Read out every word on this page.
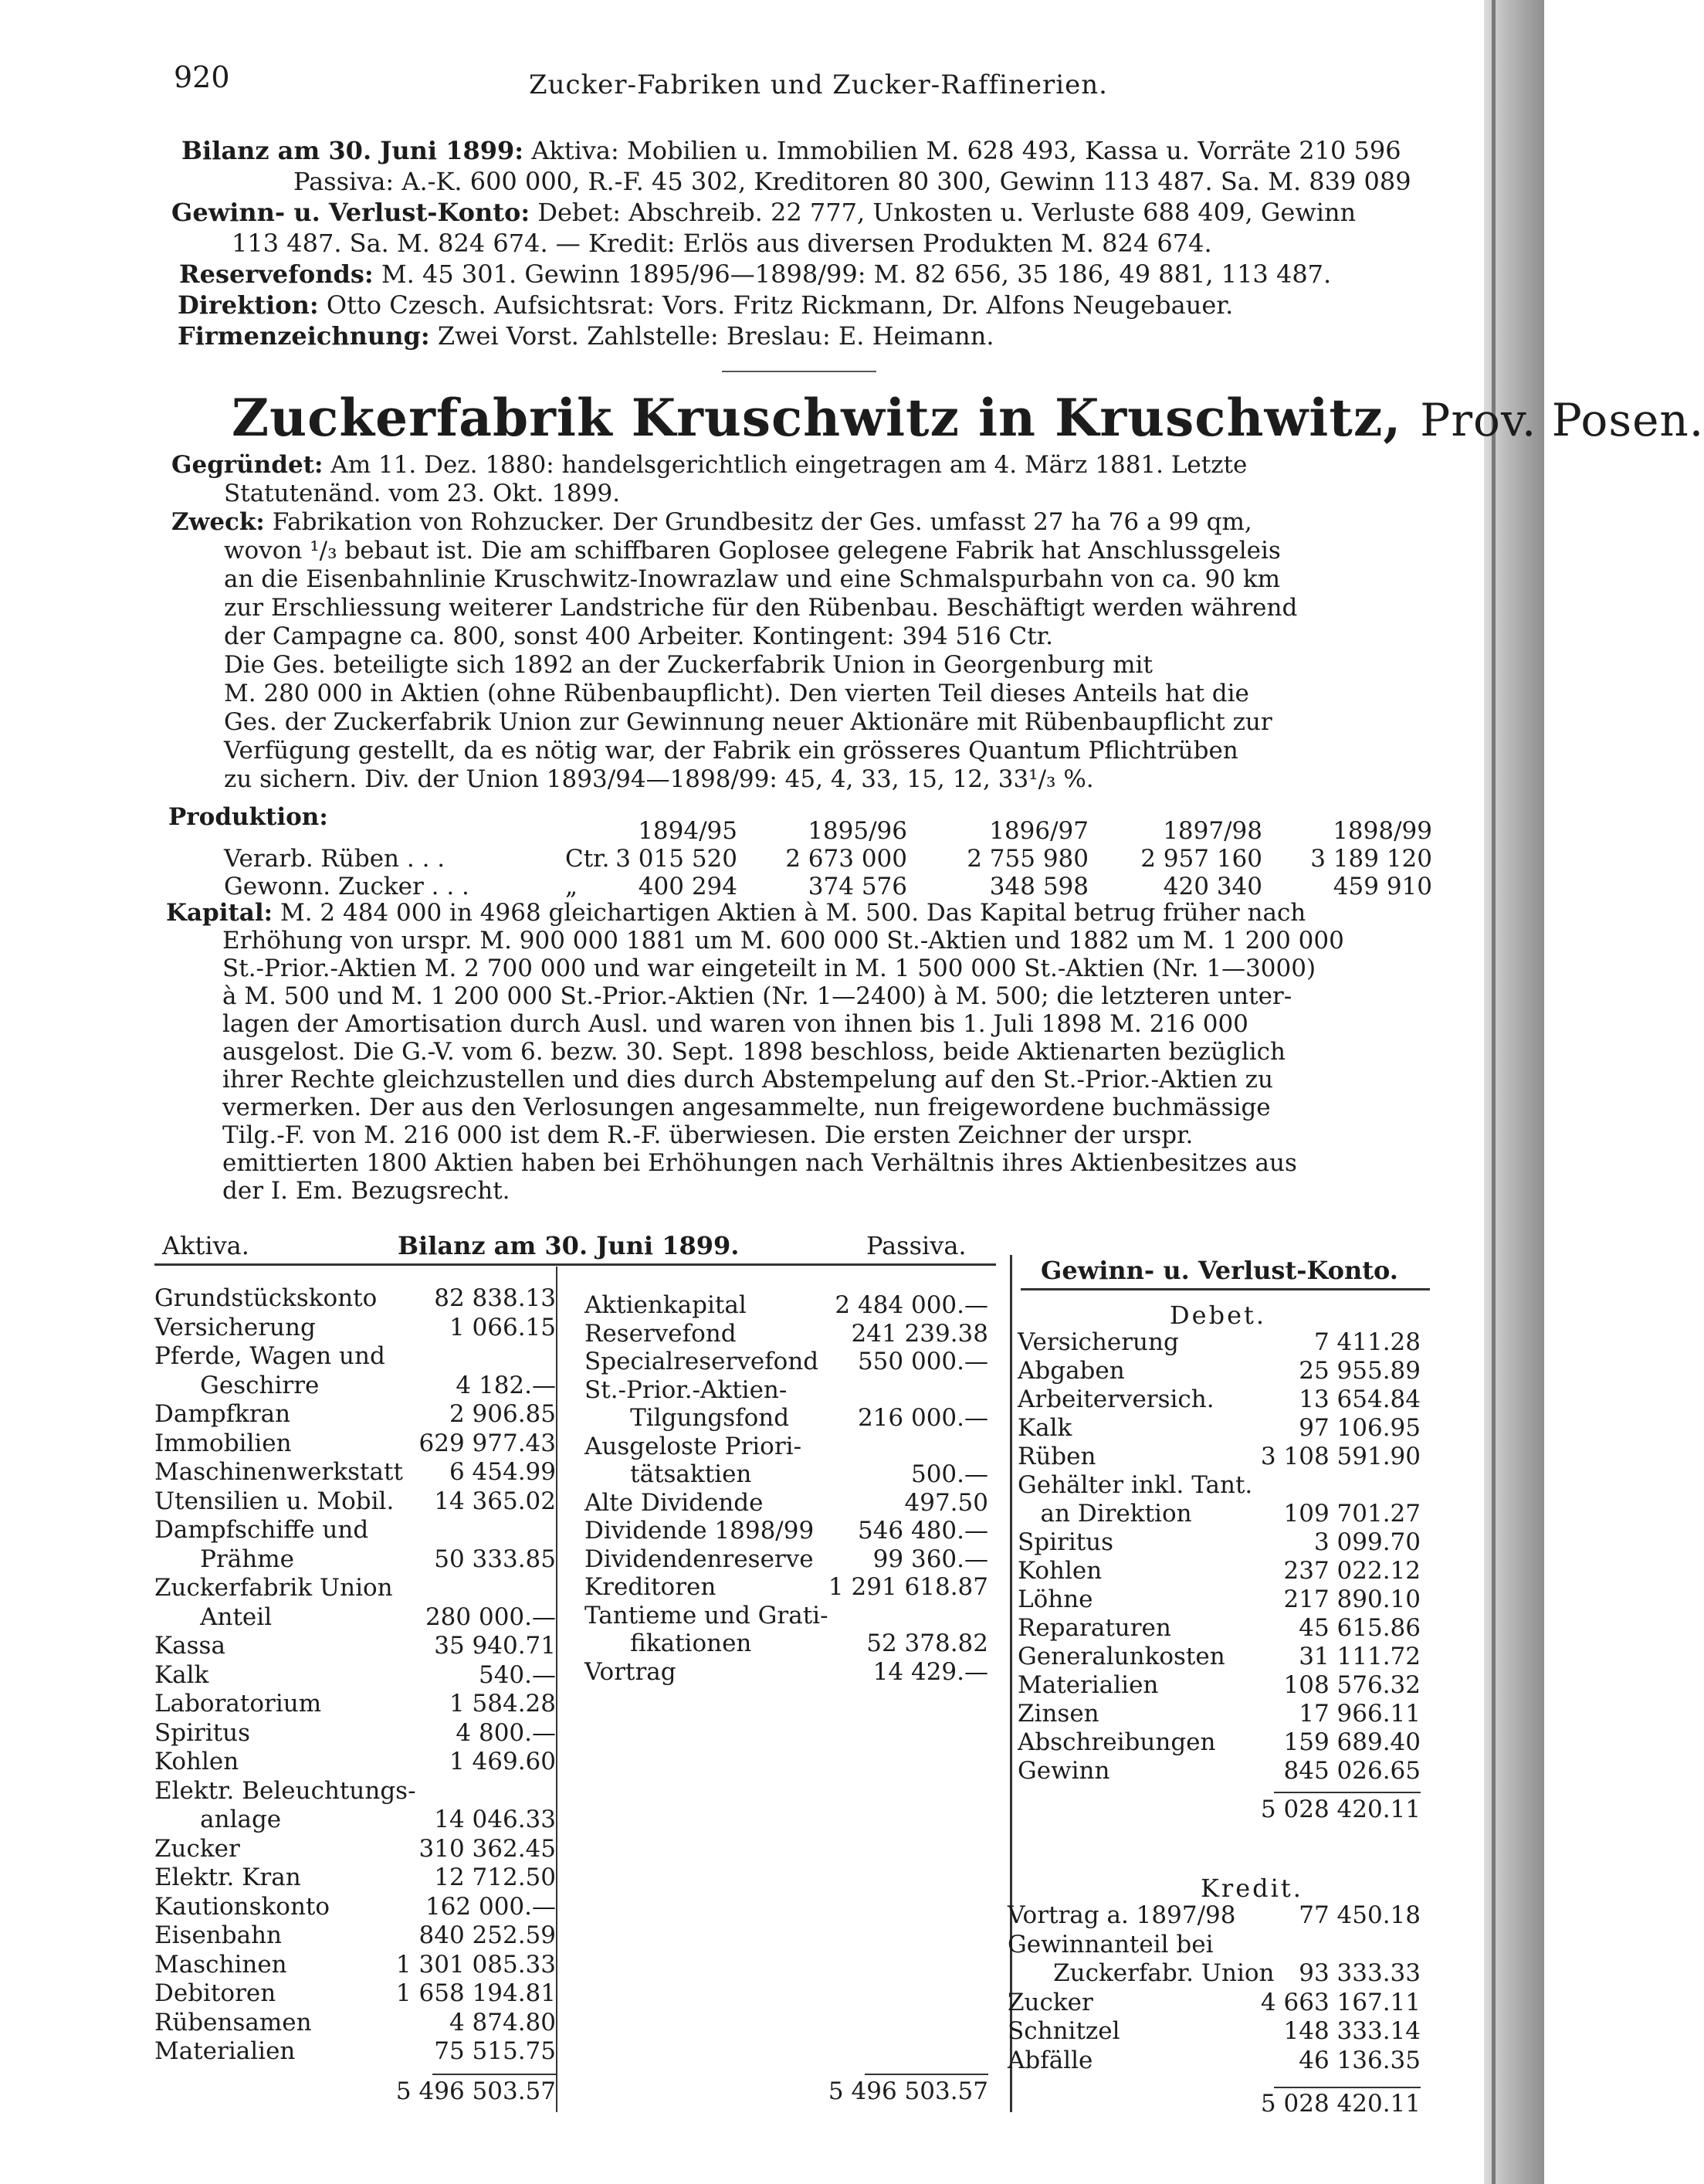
920	Zucker-Fabriken und Zucker-Raffinerien.
Bilanz am 30. Juni 1899: Aktiva: Mobilien u. Immobilien M. 628 493, Kassa u. Vorräte 210 596
Passiva: A.-K. 600 000, R.-F. 45 302, Kreditoren 80 300, Gewinn 113 487. Sa. M. 839 089
Gewinn- u. Verlust-Konto: Debet: Abschreib. 22 777, Unkosten u. Verluste 688 409, Gewinn
113 487. Sa. M. 824 674. — Kredit: Erlös aus diversen Produkten M. 824 674.
Reservefonds: M. 45 301. Gewinn 1895/96—1898/99: M. 82 656, 35 186, 49 881, 113 487.
Direktion: Otto Czesch. Aufsichtsrat: Vors. Fritz Rickmann, Dr. Alfons Neugebauer.
Firmenzeichnung: Zwei Vorst. Zahlstelle: Breslau: E. Heimann.
Zuckerfabrik Kruschwitz in Kruschwitz, Prov. Posen.
Gegründet: Am 11. Dez. 1880: handelsgerichtlich eingetragen am 4. März 1881. Letzte
Statutenänd. vom 23. Okt. 1899.
Zweck: Fabrikation von Rohzucker. Der Grundbesitz der Ges. umfasst 27 ha 76 a 99 qm,
wovon ¹/₃ bebaut ist. Die am schiffbaren Goplosee gelegene Fabrik hat Anschlussgeleis
an die Eisenbahnlinie Kruschwitz-Inowrazlaw und eine Schmalspurbahn von ca. 90 km
zur Erschliessung weiterer Landstriche für den Rübenbau. Beschäftigt werden während
der Campagne ca. 800, sonst 400 Arbeiter. Kontingent: 394 516 Ctr.
Die Ges. beteiligte sich 1892 an der Zuckerfabrik Union in Georgenburg mit
M. 280 000 in Aktien (ohne Rübenbaupflicht). Den vierten Teil dieses Anteils hat die
Ges. der Zuckerfabrik Union zur Gewinnung neuer Aktionäre mit Rübenbaupflicht zur
Verfügung gestellt, da es nötig war, der Fabrik ein grösseres Quantum Pflichtrüben
zu sichern. Div. der Union 1893/94—1898/99: 45, 4, 33, 15, 12, 33¹/₃ %.
Produktion:	1894/95	1895/96	1896/97	1897/98	1898/99
Verarb. Rüben . . .	Ctr. 3 015 520	2 673 000	2 755 980	2 957 160	3 189 120
Gewonn. Zucker . . .	„	400 294	374 576	348 598	420 340	459 910
Kapital: M. 2 484 000 in 4968 gleichartigen Aktien à M. 500. Das Kapital betrug früher nach
Erhöhung von urspr. M. 900 000 1881 um M. 600 000 St.-Aktien und 1882 um M. 1 200 000
St.-Prior.-Aktien M. 2 700 000 und war eingeteilt in M. 1 500 000 St.-Aktien (Nr. 1—3000)
à M. 500 und M. 1 200 000 St.-Prior.-Aktien (Nr. 1—2400) à M. 500; die letzteren unter-
lagen der Amortisation durch Ausl. und waren von ihnen bis 1. Juli 1898 M. 216 000
ausgelost. Die G.-V. vom 6. bezw. 30. Sept. 1898 beschloss, beide Aktienarten bezüglich
ihrer Rechte gleichzustellen und dies durch Abstempelung auf den St.-Prior.-Aktien zu
vermerken. Der aus den Verlosungen angesammelte, nun freigewordene buchmässige
Tilg.-F. von M. 216 000 ist dem R.-F. überwiesen. Die ersten Zeichner der urspr.
emittierten 1800 Aktien haben bei Erhöhungen nach Verhältnis ihres Aktienbesitzes aus
der I. Em. Bezugsrecht.
Aktiva.	Bilanz am 30. Juni 1899.	Passiva.
Grundstückskonto 82 838.13
Versicherung	1 066.15
Pferde, Wagen und
Geschirre	4 182.—
Dampfkran	2 906.85
Immobilien	629 977.43
Maschinenwerkstatt 6 454.99
Utensilien u. Mobil. 14 365.02
Dampfschiffe und
Prähme	50 333.85
Zuckerfabrik Union
Anteil	280 000.—
Kassa	35 940.71
Kalk	540.—
Laboratorium	1 584.28
Spiritus	4 800.—
Kohlen	1 469.60
Elektr. Beleuchtungs-
anlage	14 046.33
Zucker	310 362.45
Elektr. Kran	12 712.50
Kautionskonto	162 000.—
Eisenbahn	840 252.59
Maschinen	1 301 085.33
Debitoren	1 658 194.81
Rübensamen	4 874.80
Materialien	75 515.75
Aktienkapital	2 484 000.—
Reservefond	241 239.38
Specialreservefond 550 000.—
St.-Prior.-Aktien-
Tilgungsfond	216 000.—
Ausgeloste Priori-
tätsaktien	500.—
Alte Dividende	497.50
Dividende 1898/99 546 480.—
Dividendenreserve 99 360.—
Kreditoren	1 291 618.87
Tantieme und Grati-
fikationen	52 378.82
Vortrag	14 429.—
5 496 503.57	5 496 503.57
Gewinn- u. Verlust-Konto.
Debet.
Versicherung	7 411.28
Abgaben	25 955.89
Arbeiterversich.	13 654.84
Kalk	97 106.95
Rüben	3 108 591.90
Gehälter inkl. Tant.
an Direktion	109 701.27
Spiritus	3 099.70
Kohlen	237 022.12
Löhne	217 890.10
Reparaturen	45 615.86
Generalunkosten	31 111.72
Materialien	108 576.32
Zinsen	17 966.11
Abschreibungen	159 689.40
Gewinn	845 026.65
5 028 420.11
Kredit.
Vortrag a. 1897/98	77 450.18
Gewinnanteil bei
Zuckerfabr. Union 93 333.33
Zucker	4 663 167.11
Schnitzel	148 333.14
Abfälle	46 136.35
5 028 420.11
